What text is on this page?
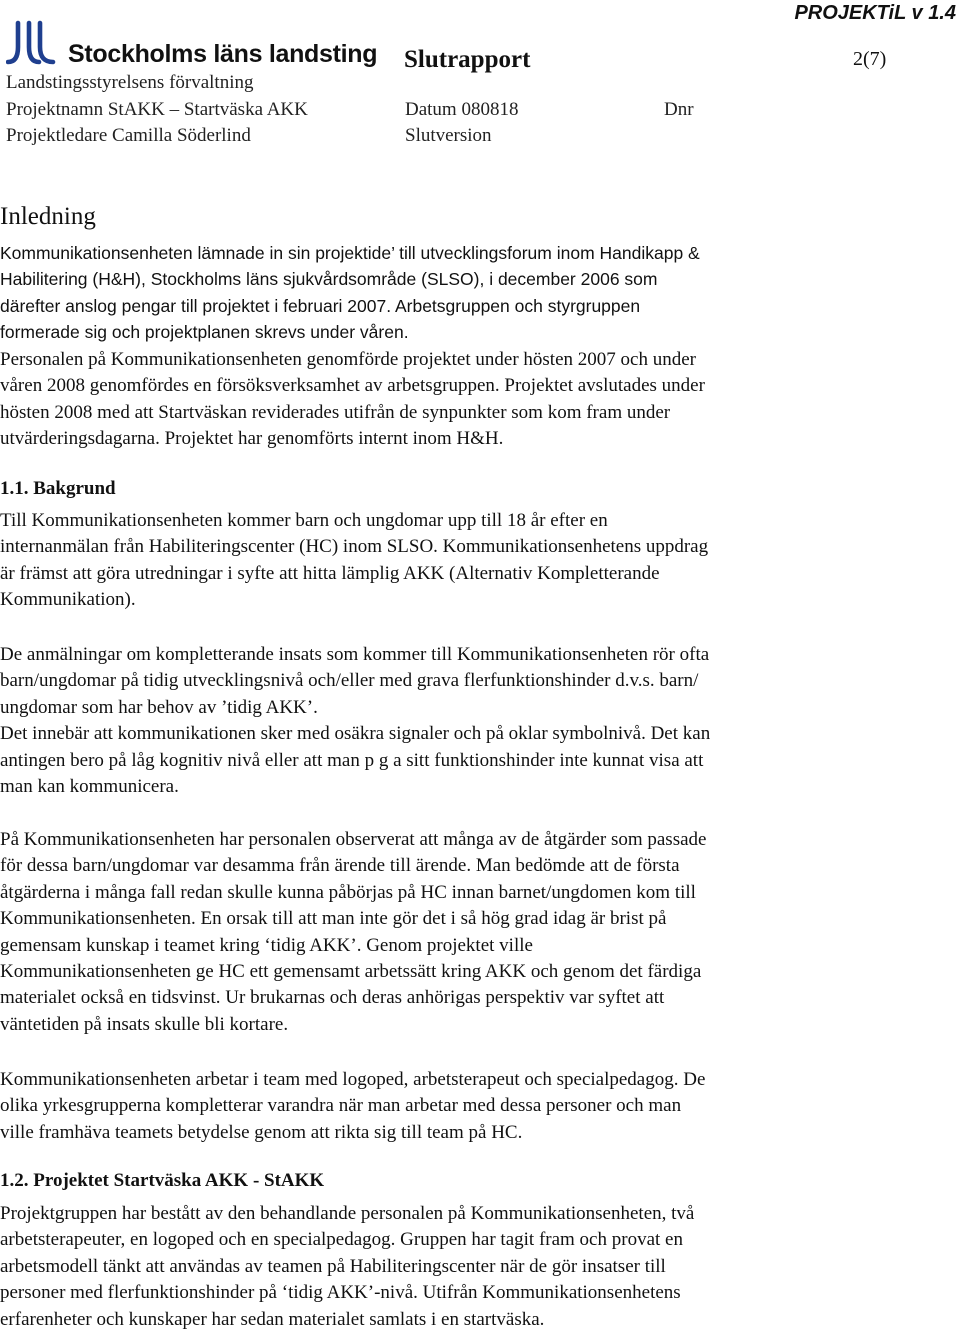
PROJEKTiL v 1.4
Stockholms läns landsting
Landstingsstyrelsens förvaltning
Projektnamn StAKK – Startväska AKK
Projektledare Camilla Söderlind
Slutrapport	2(7)
Datum 080818	Dnr
Slutversion
Inledning
Kommunikationsenheten lämnade in sin projektide’ till utvecklingsforum inom Handikapp &
Habilitering (H&H), Stockholms läns sjukvårdsområde (SLSO), i december 2006 som
därefter anslog pengar till projektet i februari 2007. Arbetsgruppen och styrgruppen
formerade sig och projektplanen skrevs under våren.
Personalen på Kommunikationsenheten genomförde projektet under hösten 2007 och under
våren 2008 genomfördes en försöksverksamhet av arbetsgruppen. Projektet avslutades under
hösten 2008 med att Startväskan reviderades utifrån de synpunkter som kom fram under
utvärderingsdagarna. Projektet har genomförts internt inom H&H.
1.1. Bakgrund
Till Kommunikationsenheten kommer barn och ungdomar upp till 18 år efter en
internanmälan från Habiliteringscenter (HC) inom SLSO. Kommunikationsenhetens uppdrag
är främst att göra utredningar i syfte att hitta lämplig AKK (Alternativ Kompletterande
Kommunikation).
De anmälningar om kompletterande insats som kommer till Kommunikationsenheten rör ofta
barn/ungdomar på tidig utvecklingsnivå och/eller med grava flerfunktionshinder d.v.s. barn/
ungdomar som har behov av ’tidig AKK’.
Det innebär att kommunikationen sker med osäkra signaler och på oklar symbolnivå. Det kan
antingen bero på låg kognitiv nivå eller att man p g a sitt funktionshinder inte kunnat visa att
man kan kommunicera.
På Kommunikationsenheten har personalen observerat att många av de åtgärder som passade
för dessa barn/ungdomar var desamma från ärende till ärende. Man bedömde att de första
åtgärderna i många fall redan skulle kunna påbörjas på HC innan barnet/ungdomen kom till
Kommunikationsenheten. En orsak till att man inte gör det i så hög grad idag är brist på
gemensam kunskap i teamet kring ‘tidig AKK’. Genom projektet ville
Kommunikationsenheten ge HC ett gemensamt arbetssätt kring AKK och genom det färdiga
materialet också en tidsvinst. Ur brukarnas och deras anhörigas perspektiv var syftet att
väntetiden på insats skulle bli kortare.
Kommunikationsenheten arbetar i team med logoped, arbetsterapeut och specialpedagog. De
olika yrkesgrupperna kompletterar varandra när man arbetar med dessa personer och man
ville framhäva teamets betydelse genom att rikta sig till team på HC.
1.2. Projektet Startväska AKK - StAKK
Projektgruppen har bestått av den behandlande personalen på Kommunikationsenheten, två
arbetsterapeuter, en logoped och en specialpedagog. Gruppen har tagit fram och provat en
arbetsmodell tänkt att användas av teamen på Habiliteringscenter när de gör insatser till
personer med flerfunktionshinder på ‘tidig AKK’-nivå. Utifrån Kommunikationsenhetens
erfarenheter och kunskaper har sedan materialet samlats i en startväska.
